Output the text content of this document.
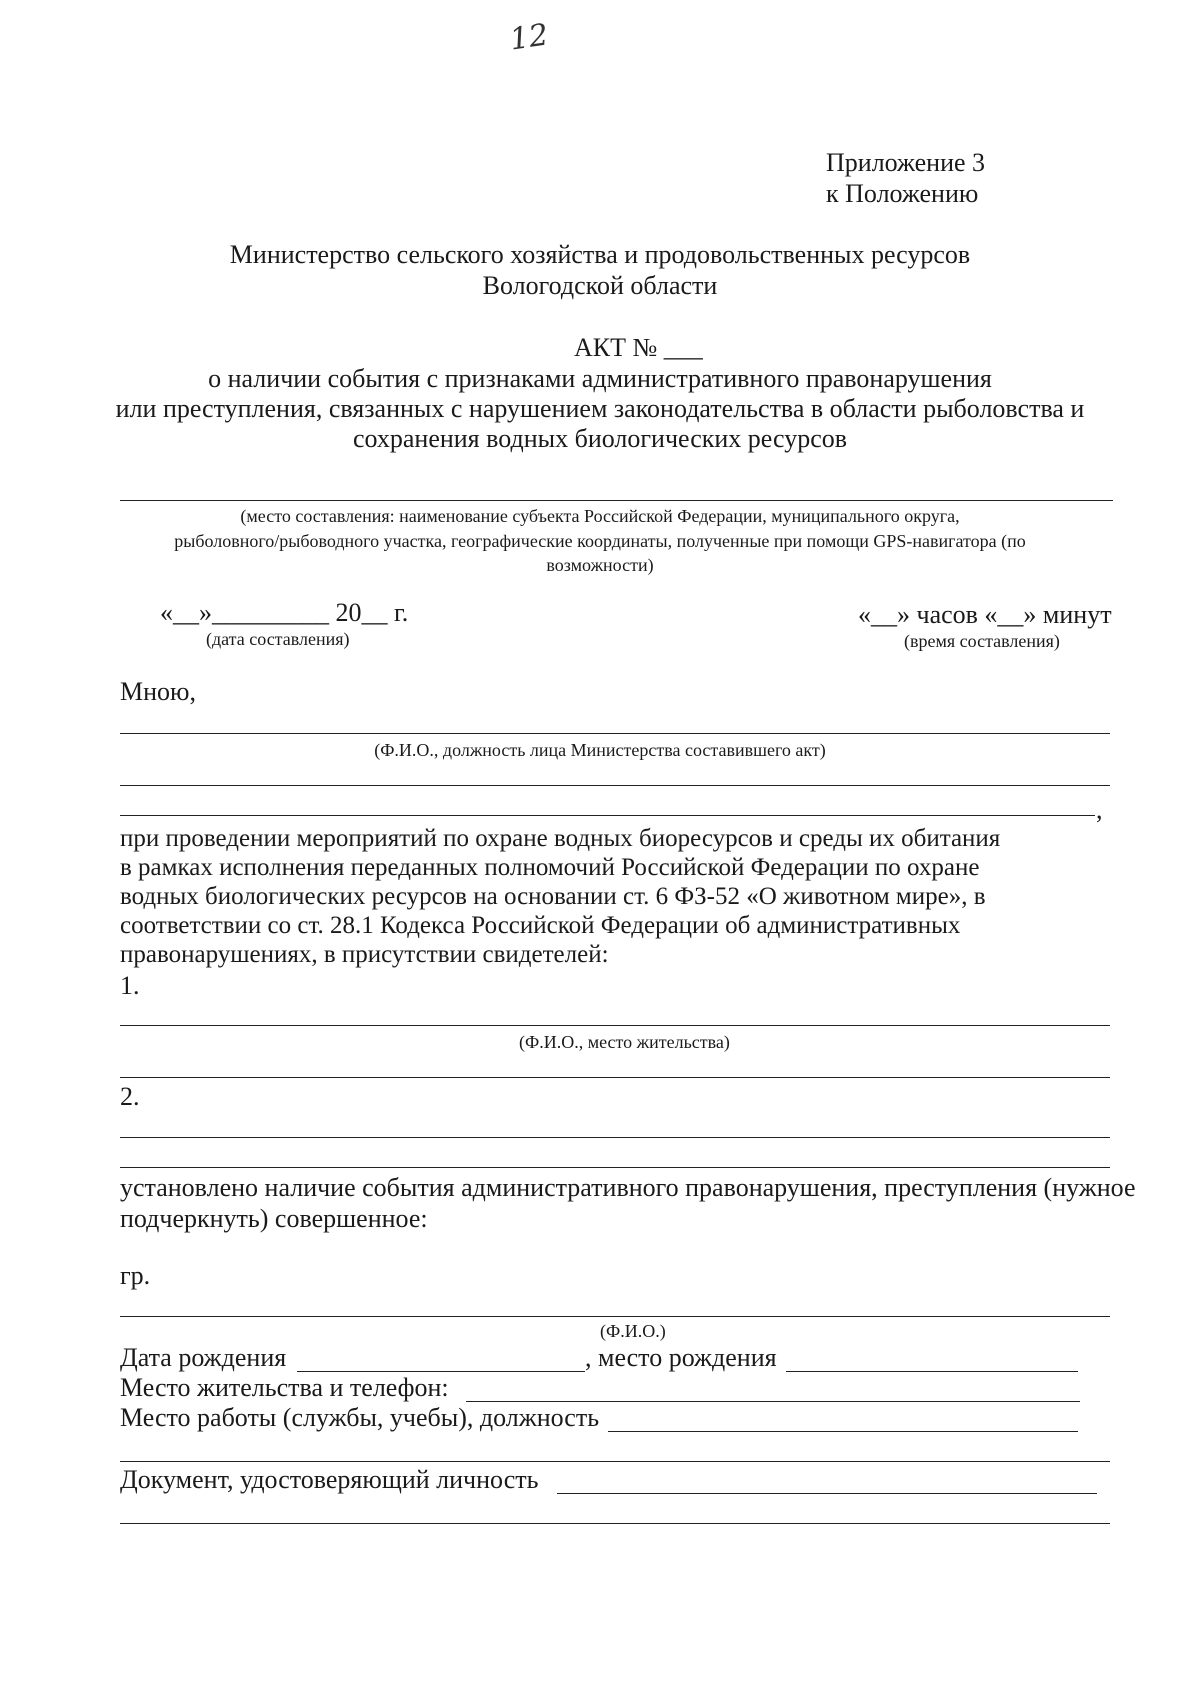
12
Приложение 3
к Положению
Министерство сельского хозяйства и продовольственных ресурсов
Вологодской области
АКТ № ___
о наличии события с признаками административного правонарушения
или преступления, связанных с нарушением законодательства в области рыболовства и
сохранения водных биологических ресурсов
(место составления: наименование субъекта Российской Федерации, муниципального округа,
рыболовного/рыбоводного участка, географические координаты, полученные при помощи GPS-навигатора (по
возможности)
«__»_________ 20__ г.
(дата составления)
«__» часов «__» минут
(время составления)
Мною,
(Ф.И.О., должность лица Министерства составившего акт)
,
при проведении мероприятий по охране водных биоресурсов и среды их обитания
в рамках исполнения переданных полномочий Российской Федерации по охране
водных биологических ресурсов на основании ст. 6 ФЗ-52 «О животном мире», в
соответствии со ст. 28.1 Кодекса Российской Федерации об административных
правонарушениях, в присутствии свидетелей:
1.
(Ф.И.О., место жительства)
2.
установлено наличие события административного правонарушения, преступления (нужное
подчеркнуть) совершенное:
гр.
(Ф.И.О.)
Дата рождения	, место рождения
Место жительства и телефон:
Место работы (службы, учебы), должность
Документ, удостоверяющий личность
